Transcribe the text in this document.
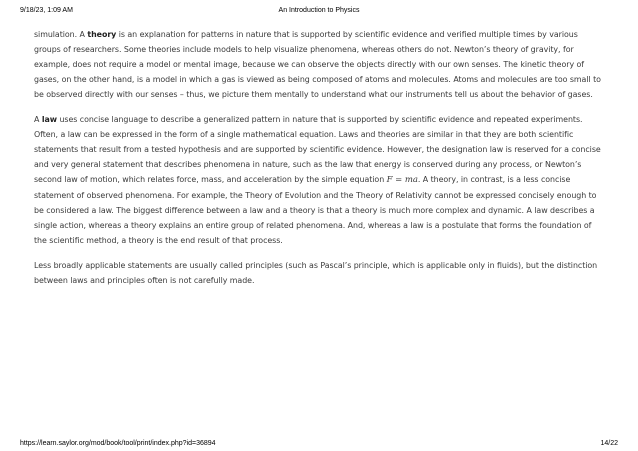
9/18/23, 1:09 AM	An Introduction to Physics

simulation. A theory is an explanation for patterns in nature that is supported by scientific evidence and verified multiple times by various groups of researchers. Some theories include models to help visualize phenomena, whereas others do not. Newton’s theory of gravity, for example, does not require a model or mental image, because we can observe the objects directly with our own senses. The kinetic theory of gases, on the other hand, is a model in which a gas is viewed as being composed of atoms and molecules. Atoms and molecules are too small to be observed directly with our senses – thus, we picture them mentally to understand what our instruments tell us about the behavior of gases.

A law uses concise language to describe a generalized pattern in nature that is supported by scientific evidence and repeated experiments. Often, a law can be expressed in the form of a single mathematical equation. Laws and theories are similar in that they are both scientific statements that result from a tested hypothesis and are supported by scientific evidence. However, the designation law is reserved for a concise and very general statement that describes phenomena in nature, such as the law that energy is conserved during any process, or Newton’s second law of motion, which relates force, mass, and acceleration by the simple equation F = ma. A theory, in contrast, is a less concise statement of observed phenomena. For example, the Theory of Evolution and the Theory of Relativity cannot be expressed concisely enough to be considered a law. The biggest difference between a law and a theory is that a theory is much more complex and dynamic. A law describes a single action, whereas a theory explains an entire group of related phenomena. And, whereas a law is a postulate that forms the foundation of the scientific method, a theory is the end result of that process.

Less broadly applicable statements are usually called principles (such as Pascal’s principle, which is applicable only in fluids), but the distinction between laws and principles often is not carefully made.

https://learn.saylor.org/mod/book/tool/print/index.php?id=36894	14/22
